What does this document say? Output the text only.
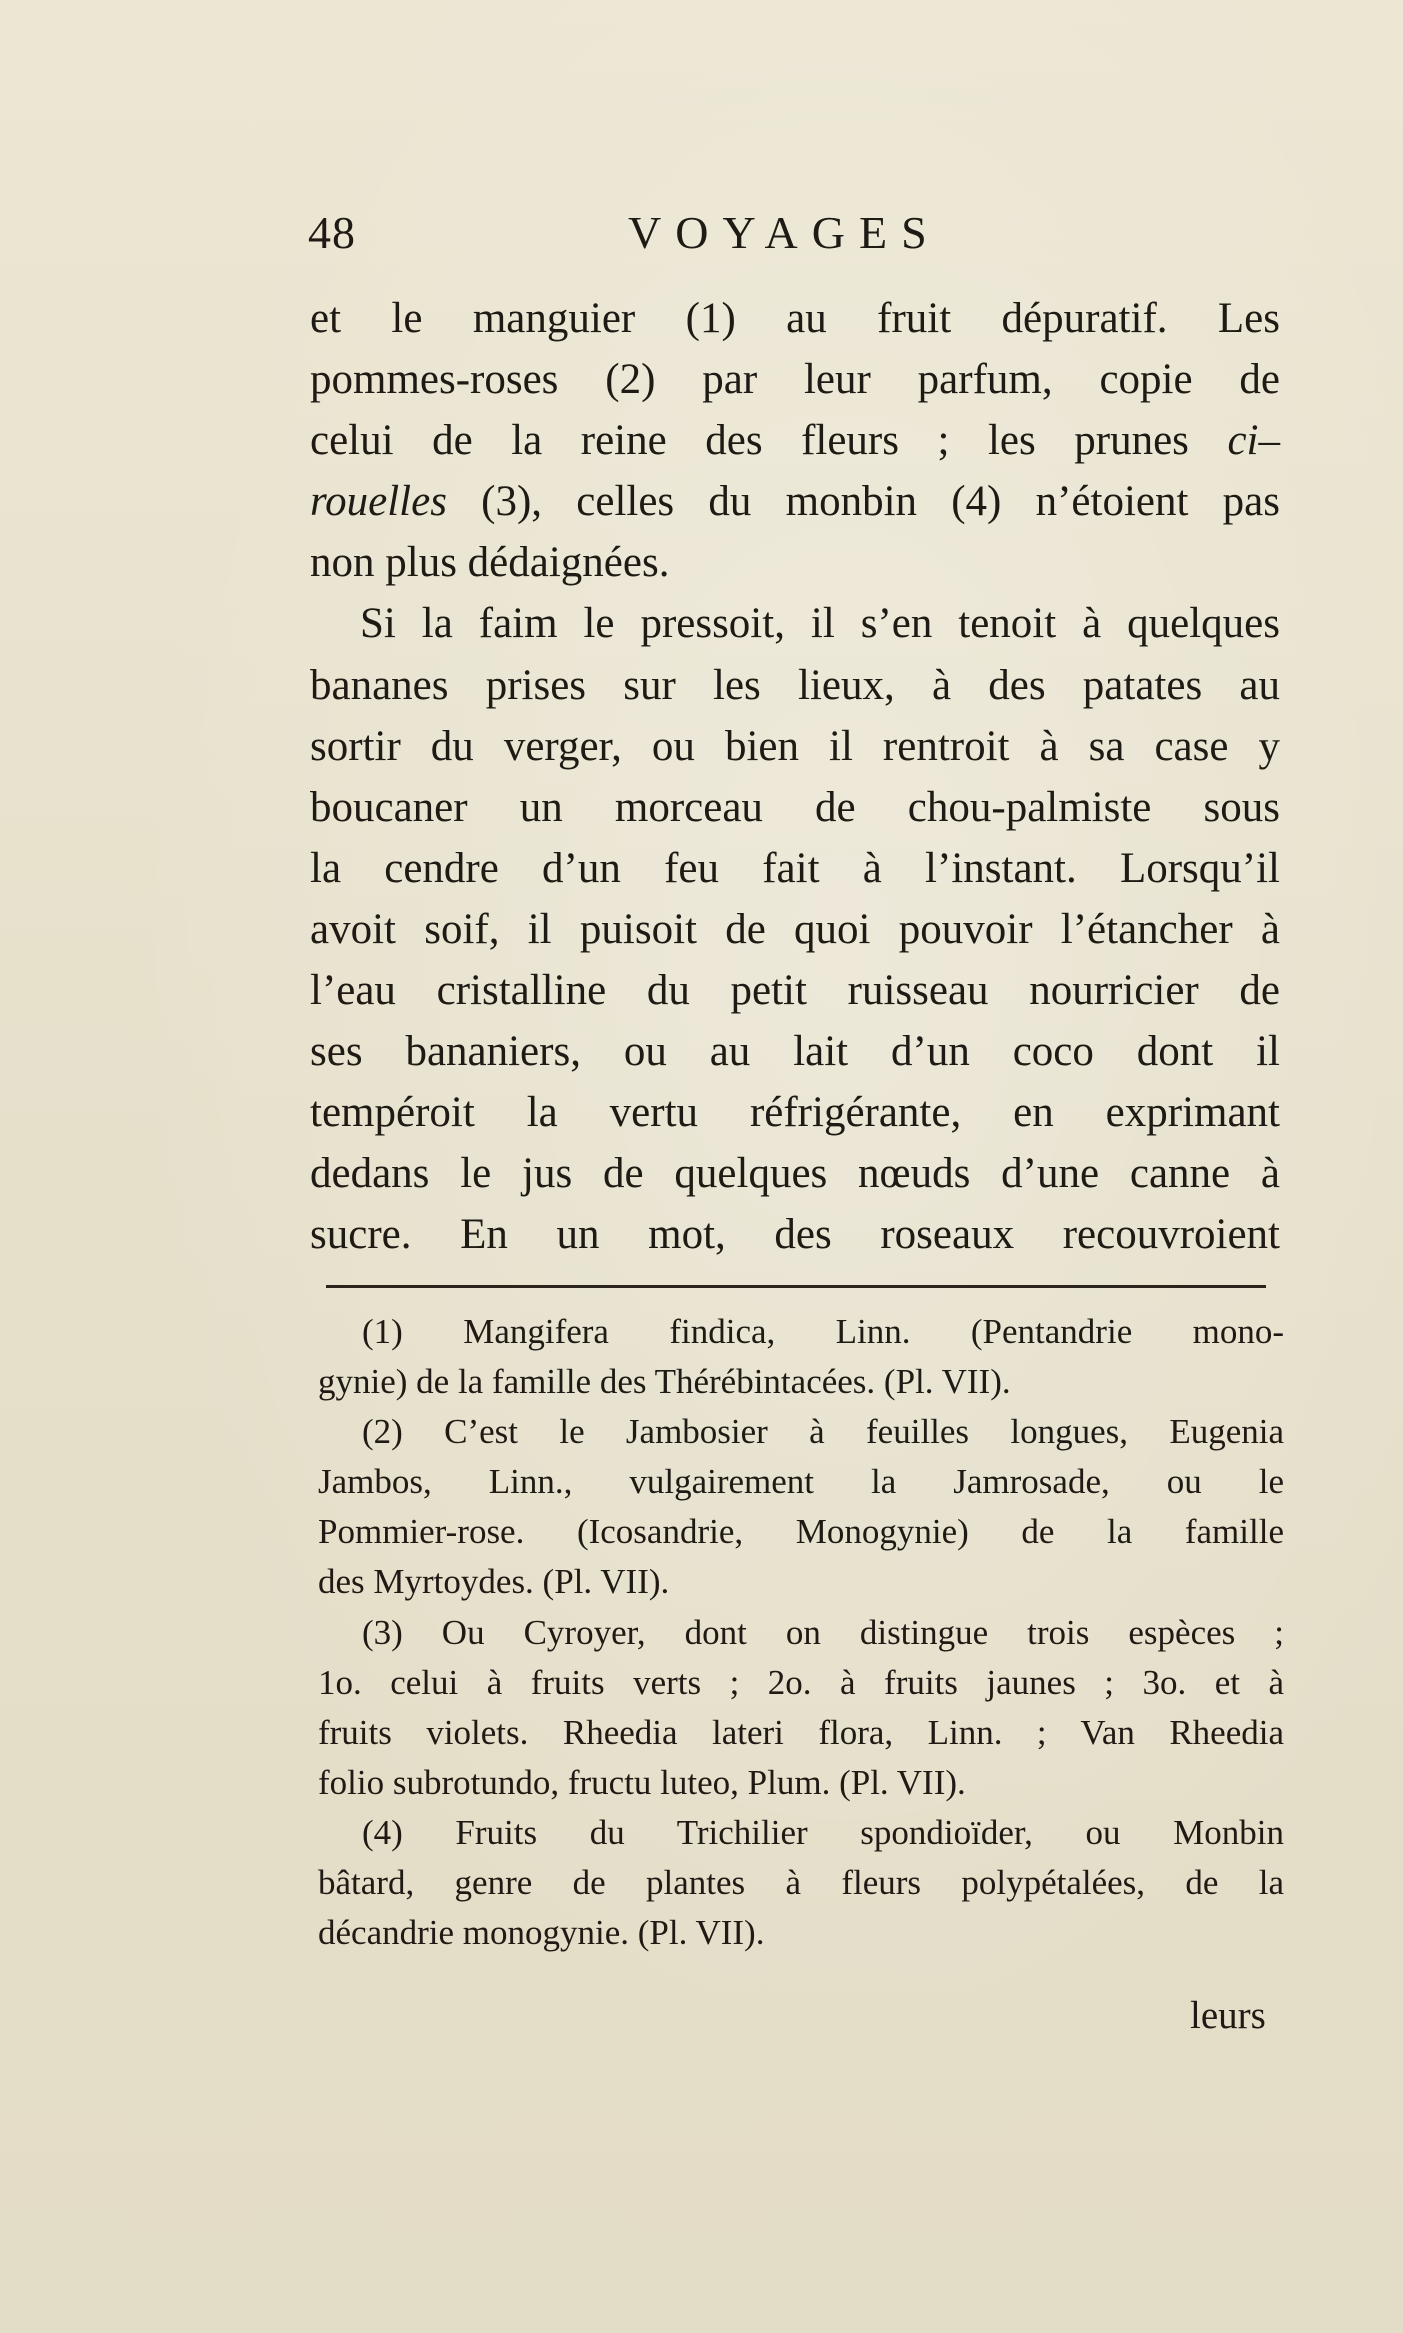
48	VOYAGES
et le manguier (1) au fruit dépuratif. Les
pommes-roses (2) par leur parfum, copie de
celui de la reine des fleurs ; les prunes ci–
rouelles (3), celles du monbin (4) n’étoient pas
non plus dédaignées.
Si la faim le pressoit, il s’en tenoit à quelques
bananes prises sur les lieux, à des patates au
sortir du verger, ou bien il rentroit à sa case y
boucaner un morceau de chou-palmiste sous
la cendre d’un feu fait à l’instant. Lorsqu’il
avoit soif, il puisoit de quoi pouvoir l’étancher à
l’eau cristalline du petit ruisseau nourricier de
ses bananiers, ou au lait d’un coco dont il
tempéroit la vertu réfrigérante, en exprimant
dedans le jus de quelques nœuds d’une canne à
sucre. En un mot, des roseaux recouvroient
(1) Mangifera findica, Linn. (Pentandrie mono-
gynie) de la famille des Thérébintacées. (Pl. VII).
(2) C’est le Jambosier à feuilles longues, Eugenia
Jambos, Linn., vulgairement la Jamrosade, ou le
Pommier-rose. (Icosandrie, Monogynie) de la famille
des Myrtoydes. (Pl. VII).
(3) Ou Cyroyer, dont on distingue trois espèces ;
1o. celui à fruits verts ; 2o. à fruits jaunes ; 3o. et à
fruits violets. Rheedia lateri flora, Linn. ; Van Rheedia
folio subrotundo, fructu luteo, Plum. (Pl. VII).
(4) Fruits du Trichilier spondioïder, ou Monbin
bâtard, genre de plantes à fleurs polypétalées, de la
décandrie monogynie. (Pl. VII).
leurs
